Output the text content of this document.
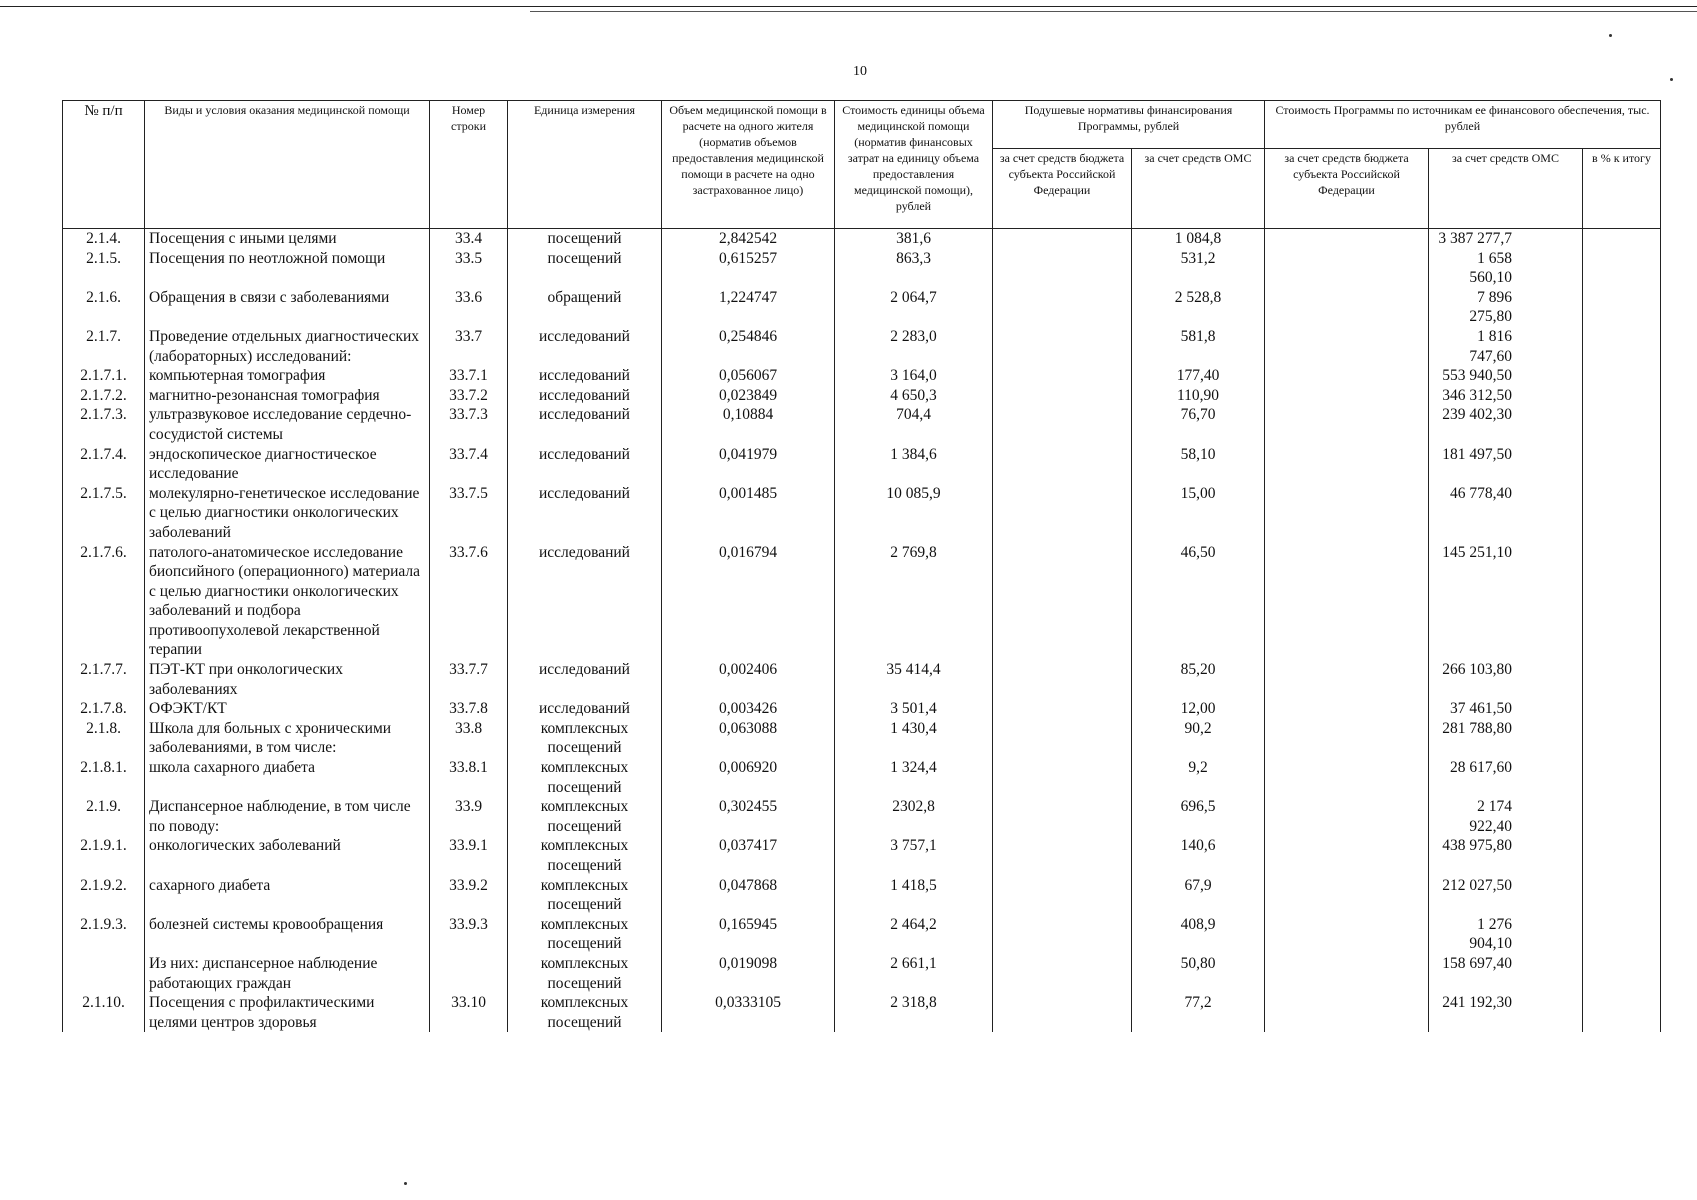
10
№ п/п	Виды и условия оказания медицинской помощи	Номер строки	Единица измерения	Объем медицинской помощи в расчете на одного жителя (норматив объемов предоставления медицинской помощи в расчете на одно застрахованное лицо)	Стоимость единицы объема медицинской помощи (норматив финансовых затрат на единицу объема предоставления медицинской помощи), рублей	Подушевые нормативы финансирования Программы, рублей		Стоимость Программы по источникам ее финансового обеспечения, тыс. рублей		
						за счет средств бюджета субъекта Российской Федерации	за счет средств ОМС	за счет средств бюджета субъекта Российской Федерации	за счет средств ОМС	в % к итогу
2.1.4.	Посещения с иными целями	33.4	посещений	2,842542	381,6		1 084,8		3 387 277,7	
2.1.5.	Посещения по неотложной помощи	33.5	посещений	0,615257	863,3		531,2		1 658 560,10	
2.1.6.	Обращения в связи с заболеваниями	33.6	обращений	1,224747	2 064,7		2 528,8		7 896 275,80	
2.1.7.	Проведение отдельных диагностических (лабораторных) исследований:	33.7	исследований	0,254846	2 283,0		581,8		1 816 747,60	
2.1.7.1.	компьютерная томография	33.7.1	исследований	0,056067	3 164,0		177,40		553 940,50	
2.1.7.2.	магнитно-резонансная томография	33.7.2	исследований	0,023849	4 650,3		110,90		346 312,50	
2.1.7.3.	ультразвуковое исследование сердечно-сосудистой системы	33.7.3	исследований	0,10884	704,4		76,70		239 402,30	
2.1.7.4.	эндоскопическое диагностическое исследование	33.7.4	исследований	0,041979	1 384,6		58,10		181 497,50	
2.1.7.5.	молекулярно-генетическое исследование с целью диагностики онкологических заболеваний	33.7.5	исследований	0,001485	10 085,9		15,00		46 778,40	
2.1.7.6.	патолого-анатомическое исследование биопсийного (операционного) материала с целью диагностики онкологических заболеваний и подбора противоопухолевой лекарственной терапии	33.7.6	исследований	0,016794	2 769,8		46,50		145 251,10	
2.1.7.7.	ПЭТ-КТ при онкологических заболеваниях	33.7.7	исследований	0,002406	35 414,4		85,20		266 103,80	
2.1.7.8.	ОФЭКТ/КТ	33.7.8	исследований	0,003426	3 501,4		12,00		37 461,50	
2.1.8.	Школа для больных с хроническими заболеваниями, в том числе:	33.8	комплексных посещений	0,063088	1 430,4		90,2		281 788,80	
2.1.8.1.	школа сахарного диабета	33.8.1	комплексных посещений	0,006920	1 324,4		9,2		28 617,60	
2.1.9.	Диспансерное наблюдение, в том числе по поводу:	33.9	комплексных посещений	0,302455	2302,8		696,5		2 174 922,40	
2.1.9.1.	онкологических заболеваний	33.9.1	комплексных посещений	0,037417	3 757,1		140,6		438 975,80	
2.1.9.2.	сахарного диабета	33.9.2	комплексных посещений	0,047868	1 418,5		67,9		212 027,50	
2.1.9.3.	болезней системы кровообращения	33.9.3	комплексных посещений	0,165945	2 464,2		408,9		1 276 904,10	
	Из них: диспансерное наблюдение работающих граждан		комплексных посещений	0,019098	2 661,1		50,80		158 697,40	
2.1.10.	Посещения с профилактическими целями центров здоровья	33.10	комплексных посещений	0,0333105	2 318,8		77,2		241 192,30	
